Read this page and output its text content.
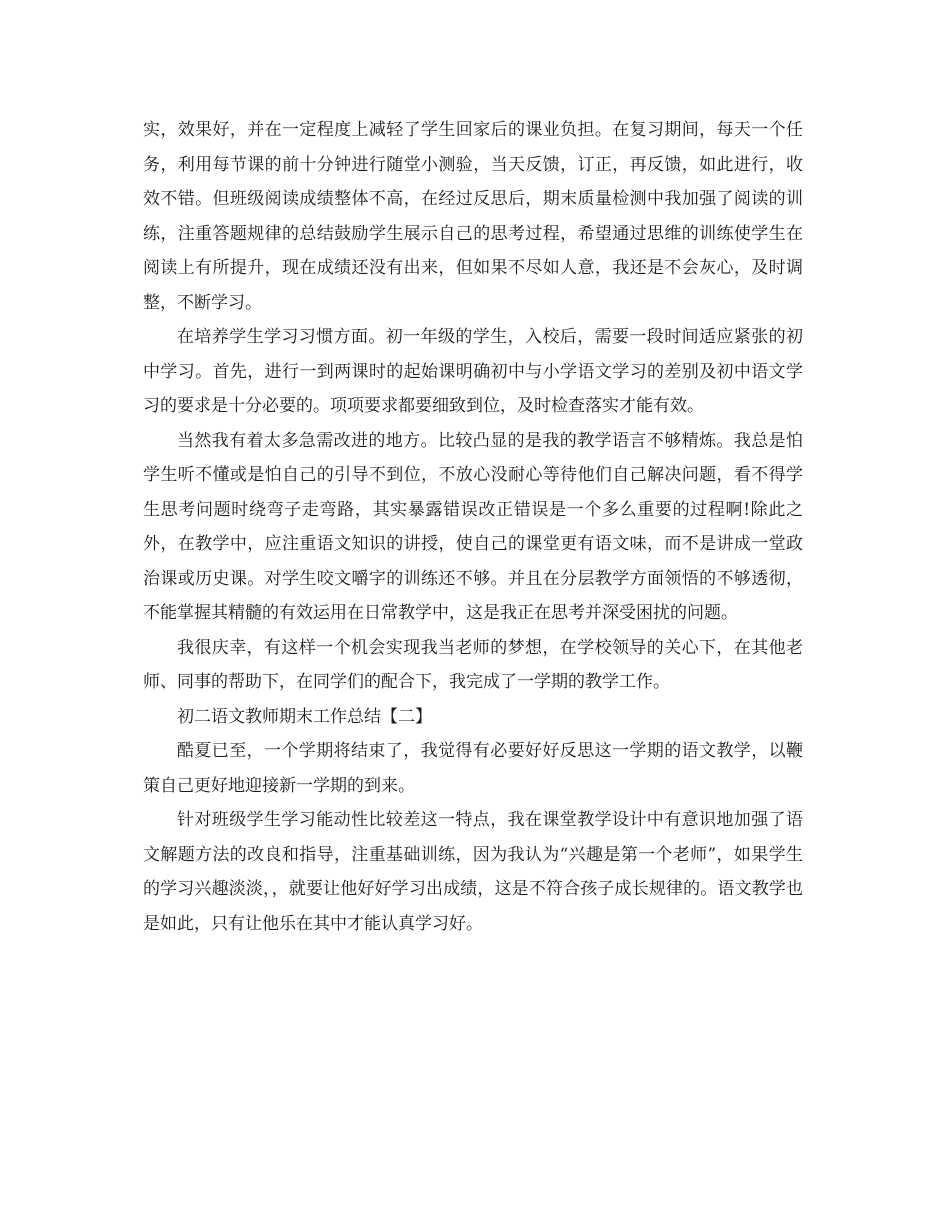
实，效果好，并在一定程度上减轻了学生回家后的课业负担。在复习期间，每天一个任务，利用每节课的前十分钟进行随堂小测验，当天反馈，订正，再反馈，如此进行，收效不错。但班级阅读成绩整体不高，在经过反思后，期末质量检测中我加强了阅读的训练，注重答题规律的总结鼓励学生展示自己的思考过程，希望通过思维的训练使学生在阅读上有所提升，现在成绩还没有出来，但如果不尽如人意，我还是不会灰心，及时调整，不断学习。

在培养学生学习习惯方面。初一年级的学生，入校后，需要一段时间适应紧张的初中学习。首先，进行一到两课时的起始课明确初中与小学语文学习的差别及初中语文学习的要求是十分必要的。项项要求都要细致到位，及时检查落实才能有效。

当然我有着太多急需改进的地方。比较凸显的是我的教学语言不够精炼。我总是怕学生听不懂或是怕自己的引导不到位，不放心没耐心等待他们自己解决问题，看不得学生思考问题时绕弯子走弯路，其实暴露错误改正错误是一个多么重要的过程啊!除此之外，在教学中，应注重语文知识的讲授，使自己的课堂更有语文味，而不是讲成一堂政治课或历史课。对学生咬文嚼字的训练还不够。并且在分层教学方面领悟的不够透彻，不能掌握其精髓的有效运用在日常教学中，这是我正在思考并深受困扰的问题。

我很庆幸，有这样一个机会实现我当老师的梦想，在学校领导的关心下，在其他老师、同事的帮助下，在同学们的配合下，我完成了一学期的教学工作。

初二语文教师期末工作总结【二】

酷夏已至，一个学期将结束了，我觉得有必要好好反思这一学期的语文教学，以鞭策自己更好地迎接新一学期的到来。

针对班级学生学习能动性比较差这一特点，我在课堂教学设计中有意识地加强了语文解题方法的改良和指导，注重基础训练，因为我认为“兴趣是第一个老师”，如果学生的学习兴趣淡淡，，就要让他好好学习出成绩，这是不符合孩子成长规律的。语文教学也是如此，只有让他乐在其中才能认真学习好。
